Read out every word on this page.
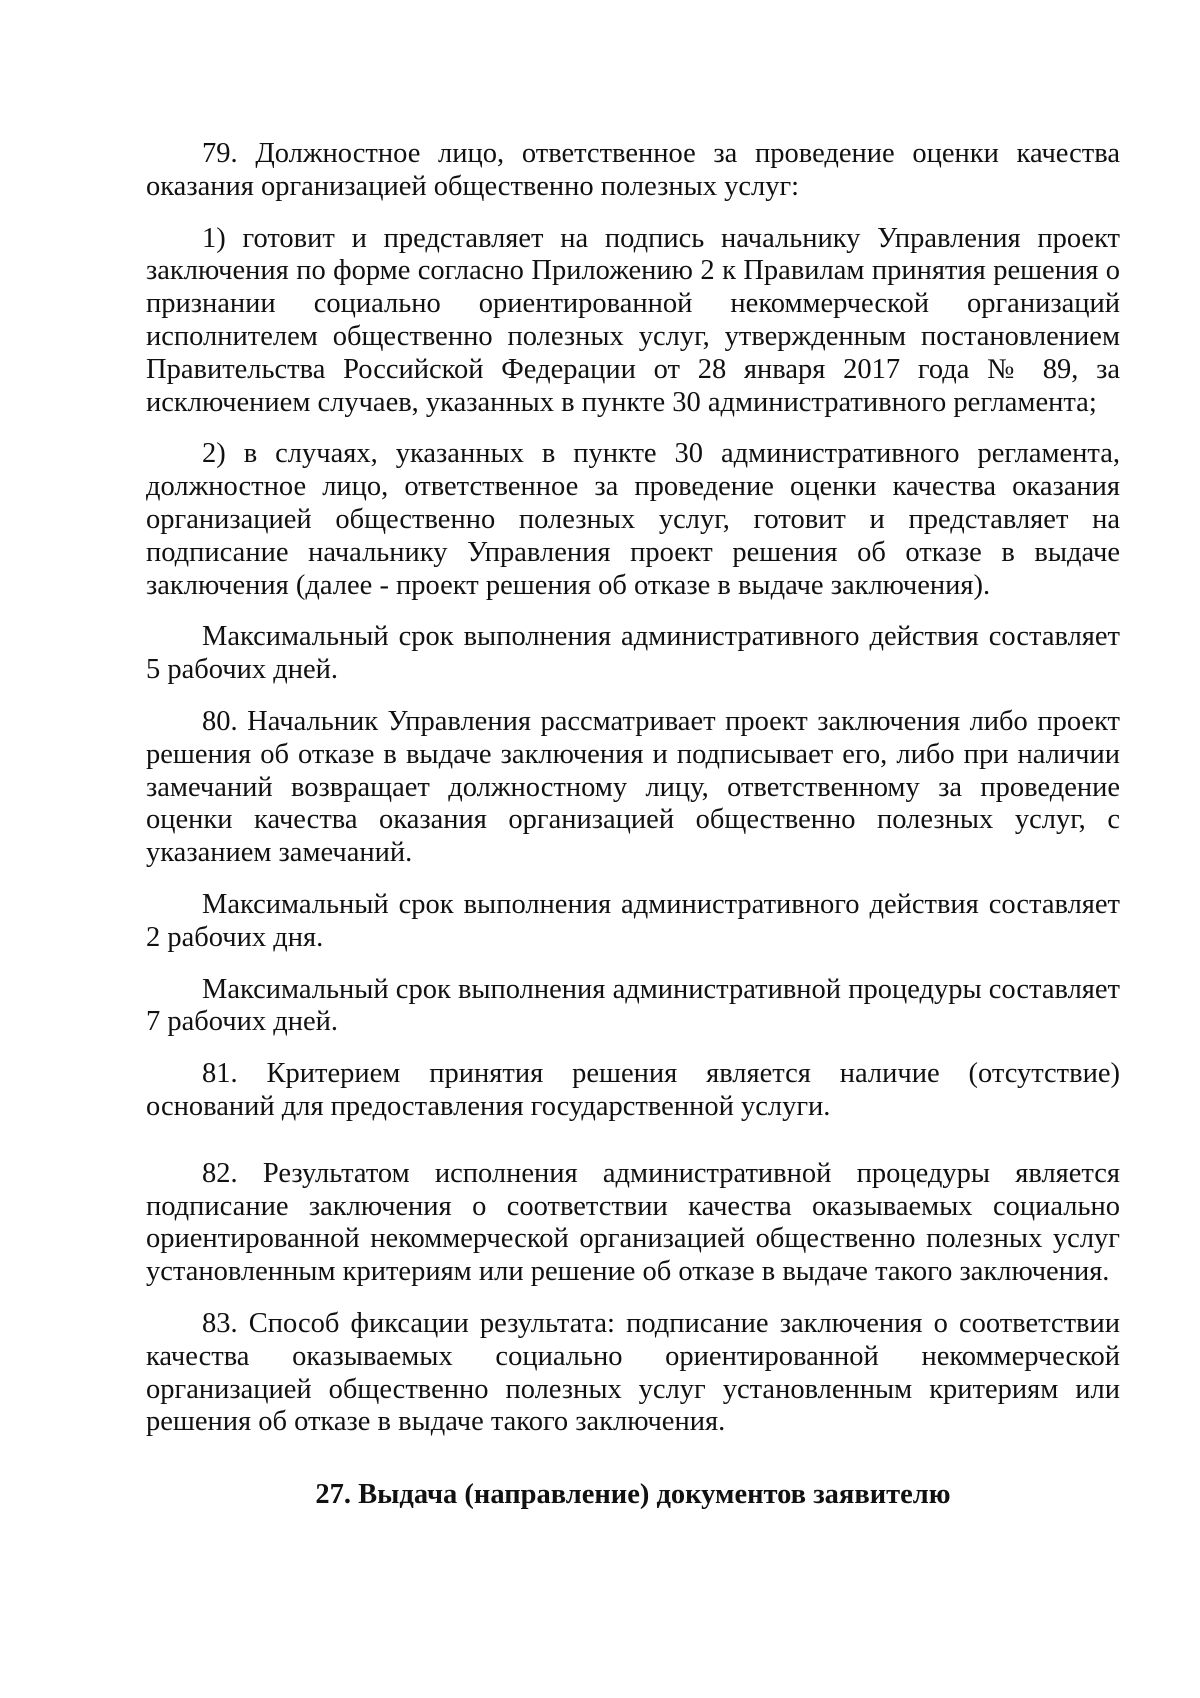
79. Должностное лицо, ответственное за проведение оценки качества оказания организацией общественно полезных услуг:

1) готовит и представляет на подпись начальнику Управления проект заключения по форме согласно Приложению 2 к Правилам принятия решения о признании социально ориентированной некоммерческой организаций исполнителем общественно полезных услуг, утвержденным постановлением Правительства Российской Федерации от 28 января 2017 года № 89, за исключением случаев, указанных в пункте 30 административного регламента;

2) в случаях, указанных в пункте 30 административного регламента, должностное лицо, ответственное за проведение оценки качества оказания организацией общественно полезных услуг, готовит и представляет на подписание начальнику Управления проект решения об отказе в выдаче заключения (далее - проект решения об отказе в выдаче заключения).

Максимальный срок выполнения административного действия составляет 5 рабочих дней.

80. Начальник Управления рассматривает проект заключения либо проект решения об отказе в выдаче заключения и подписывает его, либо при наличии замечаний возвращает должностному лицу, ответственному за проведение оценки качества оказания организацией общественно полезных услуг, с указанием замечаний.

Максимальный срок выполнения административного действия составляет 2 рабочих дня.

Максимальный срок выполнения административной процедуры составляет 7 рабочих дней.

81. Критерием принятия решения является наличие (отсутствие) оснований для предоставления государственной услуги.

82. Результатом исполнения административной процедуры является подписание заключения о соответствии качества оказываемых социально ориентированной некоммерческой организацией общественно полезных услуг установленным критериям или решение об отказе в выдаче такого заключения.

83. Способ фиксации результата: подписание заключения о соответствии качества оказываемых социально ориентированной некоммерческой организацией общественно полезных услуг установленным критериям или решения об отказе в выдаче такого заключения.

27. Выдача (направление) документов заявителю
